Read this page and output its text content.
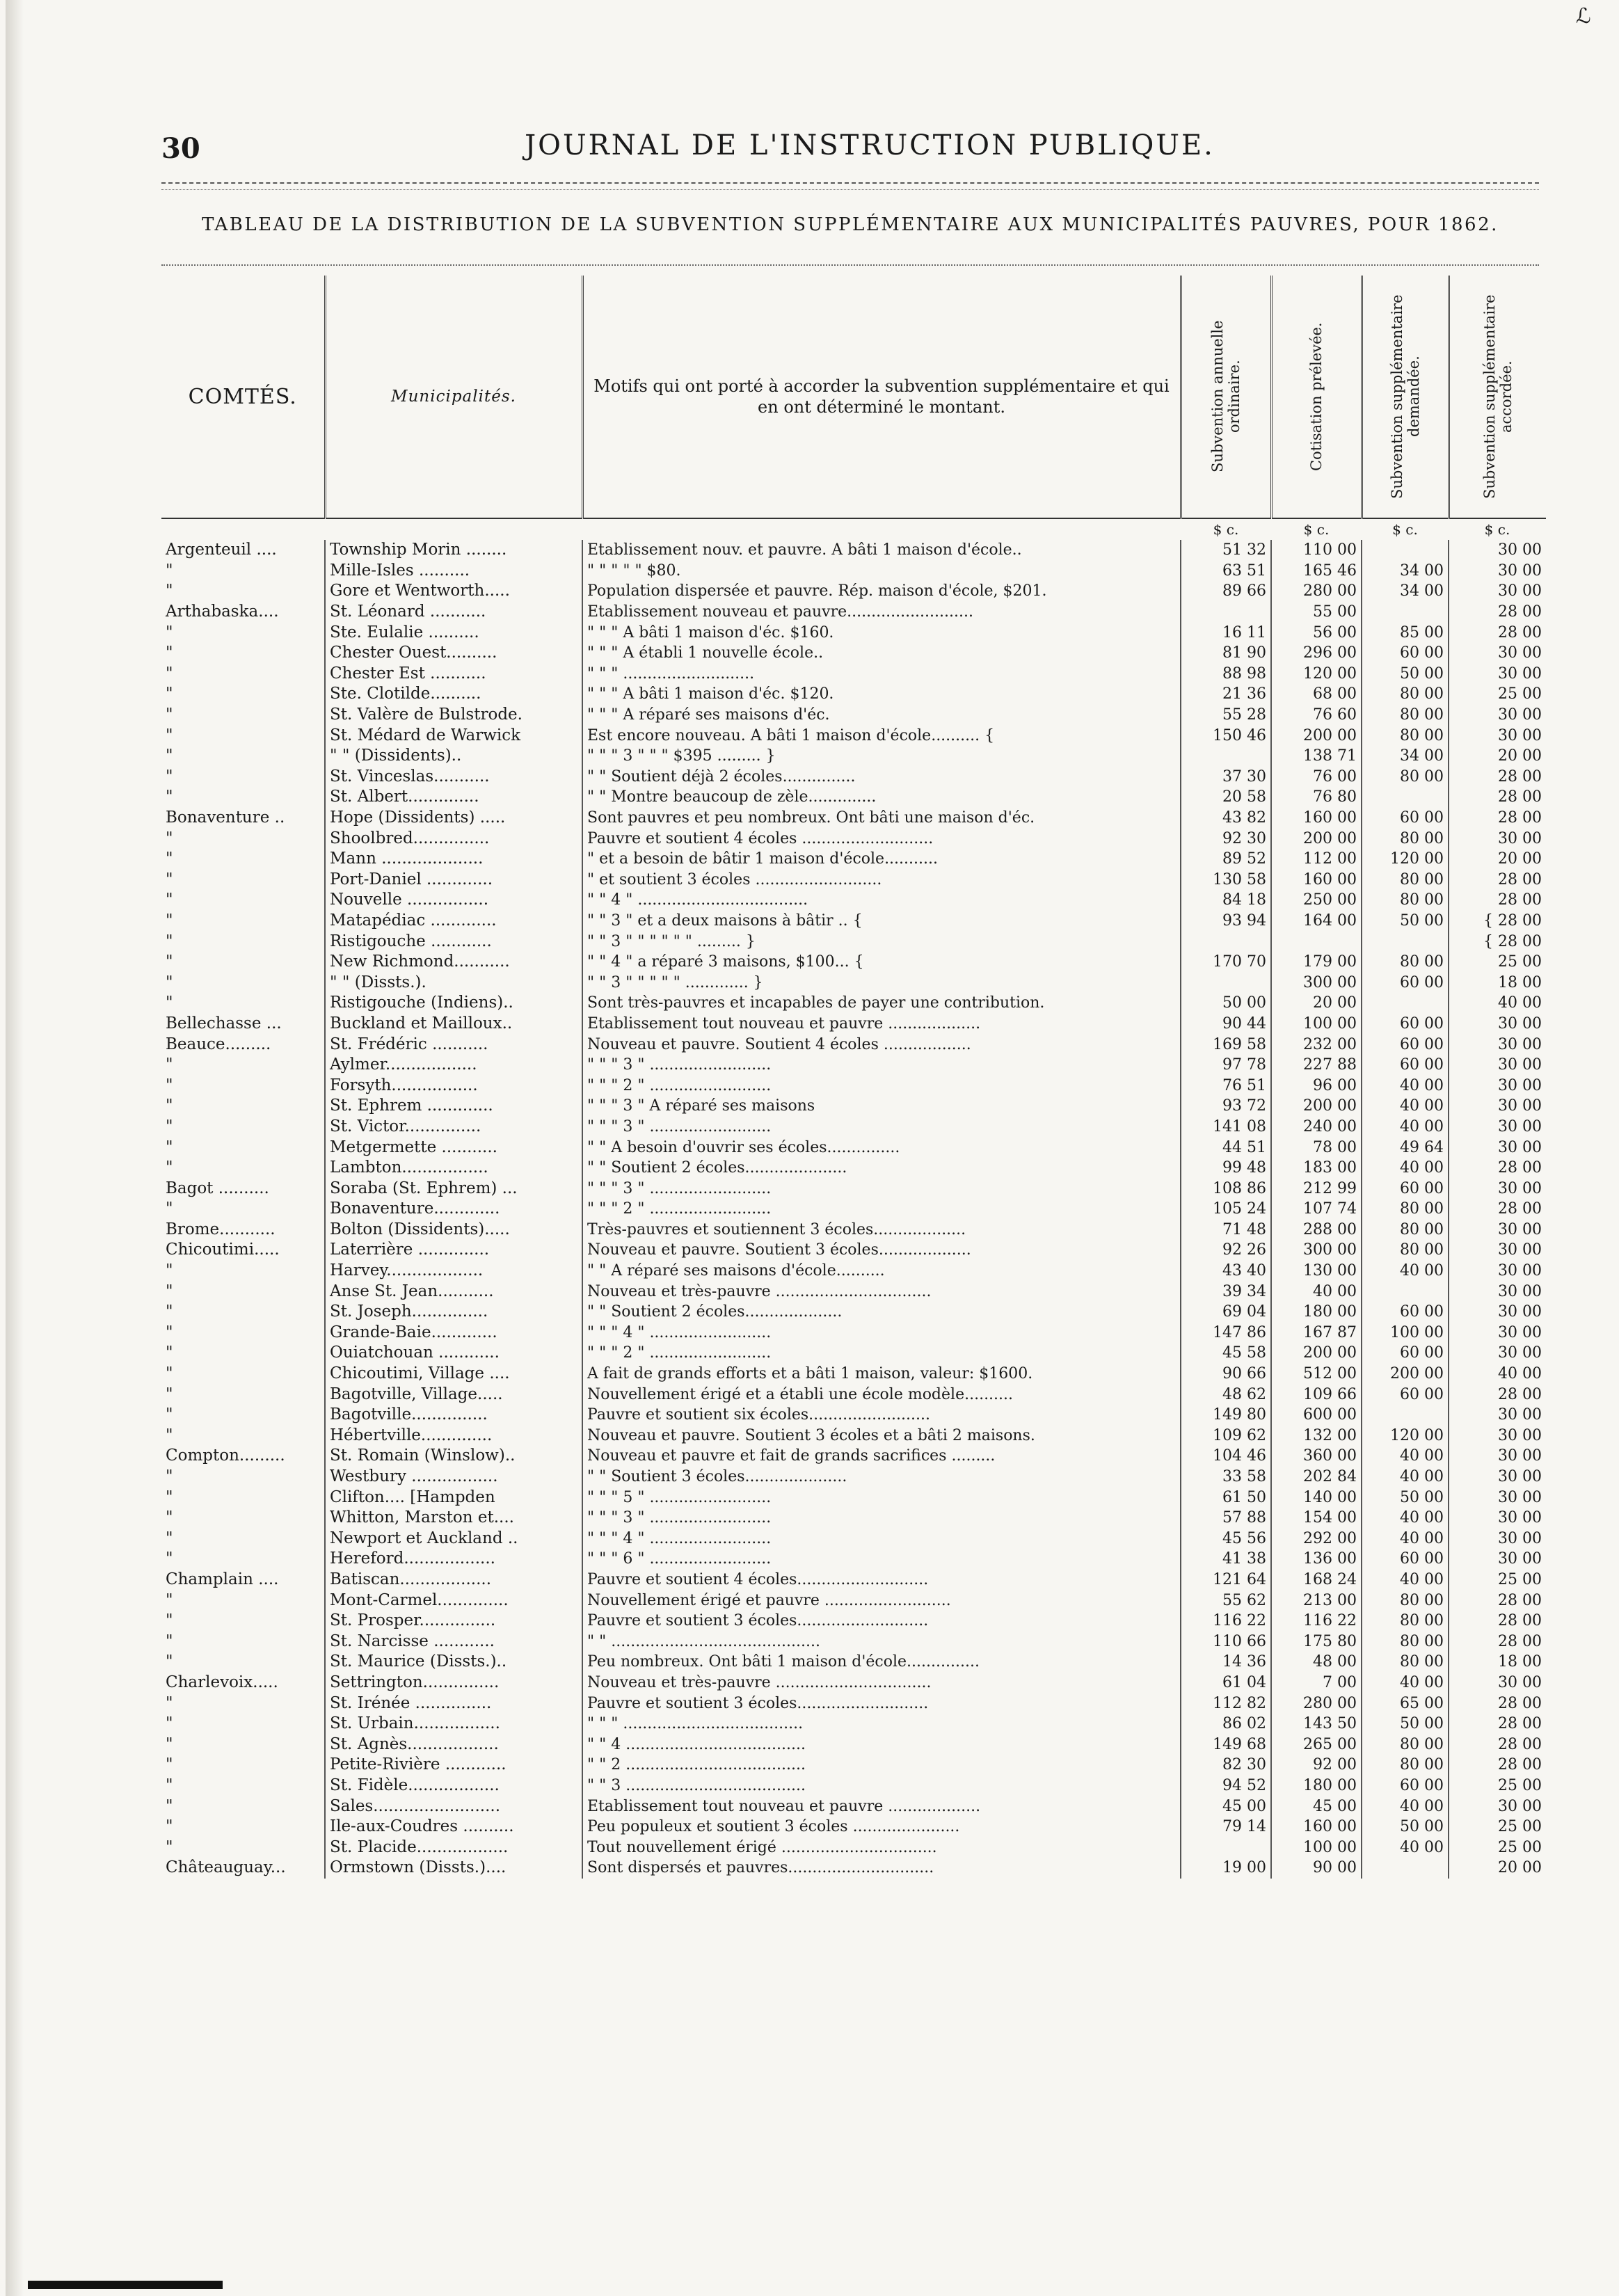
ℒ
30	JOURNAL DE L'INSTRUCTION PUBLIQUE.
TABLEAU DE LA DISTRIBUTION DE LA SUBVENTION SUPPLÉMENTAIRE AUX MUNICIPALITÉS PAUVRES, POUR 1862.
COMTÉS.	Municipalités.	Motifs qui ont porté à accorder la subvention supplémentaire et qui en ont déterminé le montant.	Subvention annuelle ordinaire.	Cotisation prélevée.	Subvention supplémentaire demandée.	Subvention supplémentaire accordée.

			$ c.	$ c.	$ c.	$ c.
Argenteuil ....	Township Morin ........	Etablissement nouv. et pauvre. A bâti 1 maison d'école..	51 32	110 00		30 00
"	Mille-Isles ..........	" " " " " $80.	63 51	165 46	34 00	30 00
"	Gore et Wentworth.....	Population dispersée et pauvre. Rép. maison d'école, $201.	89 66	280 00	34 00	30 00
Arthabaska....	St. Léonard ...........	Etablissement nouveau et pauvre..........................		55 00		28 00
"	Ste. Eulalie ..........	" " " A bâti 1 maison d'éc. $160.	16 11	56 00	85 00	28 00
"	Chester Ouest..........	" " " A établi 1 nouvelle école..	81 90	296 00	60 00	30 00
"	Chester Est ...........	" " " ...........................	88 98	120 00	50 00	30 00
"	Ste. Clotilde..........	" " " A bâti 1 maison d'éc. $120.	21 36	68 00	80 00	25 00
"	St. Valère de Bulstrode.	" " " A réparé ses maisons d'éc.	55 28	76 60	80 00	30 00
"	St. Médard de Warwick	Est encore nouveau. A bâti 1 maison d'école.......... {	150 46	200 00	80 00	30 00
"	" " (Dissidents)..	" " " 3 " " " $395 ......... }		138 71	34 00	20 00
"	St. Vinceslas...........	" " Soutient déjà 2 écoles...............	37 30	76 00	80 00	28 00
"	St. Albert..............	" " Montre beaucoup de zèle..............	20 58	76 80		28 00
Bonaventure ..	Hope (Dissidents) .....	Sont pauvres et peu nombreux. Ont bâti une maison d'éc.	43 82	160 00	60 00	28 00
"	Shoolbred...............	Pauvre et soutient 4 écoles ...........................	92 30	200 00	80 00	30 00
"	Mann ....................	" et a besoin de bâtir 1 maison d'école...........	89 52	112 00	120 00	20 00
"	Port-Daniel .............	" et soutient 3 écoles ..........................	130 58	160 00	80 00	28 00
"	Nouvelle ................	" " 4 " ...................................	84 18	250 00	80 00	28 00
"	Matapédiac .............	" " 3 " et a deux maisons à bâtir .. {	93 94	164 00	50 00	{ 28 00
"	Ristigouche ............	" " 3 " " " " " " ......... }				{ 28 00
"	New Richmond...........	" " 4 " a réparé 3 maisons, $100... {	170 70	179 00	80 00	25 00
"	" " (Dissts.).	" " 3 " " " " " ............. }		300 00	60 00	18 00
"	Ristigouche (Indiens)..	Sont très-pauvres et incapables de payer une contribution.	50 00	20 00		40 00
Bellechasse ...	Buckland et Mailloux..	Etablissement tout nouveau et pauvre ...................	90 44	100 00	60 00	30 00
Beauce.........	St. Frédéric ...........	Nouveau et pauvre. Soutient 4 écoles ..................	169 58	232 00	60 00	30 00
"	Aylmer..................	" " " 3 " .........................	97 78	227 88	60 00	30 00
"	Forsyth.................	" " " 2 " .........................	76 51	96 00	40 00	30 00
"	St. Ephrem .............	" " " 3 " A réparé ses maisons	93 72	200 00	40 00	30 00
"	St. Victor...............	" " " 3 " .........................	141 08	240 00	40 00	30 00
"	Metgermette ...........	" " A besoin d'ouvrir ses écoles...............	44 51	78 00	49 64	30 00
"	Lambton.................	" " Soutient 2 écoles.....................	99 48	183 00	40 00	28 00
Bagot ..........	Soraba (St. Ephrem) ...	" " " 3 " .........................	108 86	212 99	60 00	30 00
"	Bonaventure.............	" " " 2 " .........................	105 24	107 74	80 00	28 00
Brome...........	Bolton (Dissidents).....	Très-pauvres et soutiennent 3 écoles...................	71 48	288 00	80 00	30 00
Chicoutimi.....	Laterrière ..............	Nouveau et pauvre. Soutient 3 écoles...................	92 26	300 00	80 00	30 00
"	Harvey...................	" " A réparé ses maisons d'école..........	43 40	130 00	40 00	30 00
"	Anse St. Jean...........	Nouveau et très-pauvre ................................	39 34	40 00		30 00
"	St. Joseph...............	" " Soutient 2 écoles....................	69 04	180 00	60 00	30 00
"	Grande-Baie.............	" " " 4 " .........................	147 86	167 87	100 00	30 00
"	Ouiatchouan ............	" " " 2 " .........................	45 58	200 00	60 00	30 00
"	Chicoutimi, Village ....	A fait de grands efforts et a bâti 1 maison, valeur: $1600.	90 66	512 00	200 00	40 00
"	Bagotville, Village.....	Nouvellement érigé et a établi une école modèle..........	48 62	109 66	60 00	28 00
"	Bagotville...............	Pauvre et soutient six écoles.........................	149 80	600 00		30 00
"	Hébertville..............	Nouveau et pauvre. Soutient 3 écoles et a bâti 2 maisons.	109 62	132 00	120 00	30 00
Compton.........	St. Romain (Winslow)..	Nouveau et pauvre et fait de grands sacrifices .........	104 46	360 00	40 00	30 00
"	Westbury .................	" " Soutient 3 écoles.....................	33 58	202 84	40 00	30 00
"	Clifton.... [Hampden	" " " 5 " .........................	61 50	140 00	50 00	30 00
"	Whitton, Marston et....	" " " 3 " .........................	57 88	154 00	40 00	30 00
"	Newport et Auckland ..	" " " 4 " .........................	45 56	292 00	40 00	30 00
"	Hereford..................	" " " 6 " .........................	41 38	136 00	60 00	30 00
Champlain ....	Batiscan..................	Pauvre et soutient 4 écoles...........................	121 64	168 24	40 00	25 00
"	Mont-Carmel..............	Nouvellement érigé et pauvre ..........................	55 62	213 00	80 00	28 00
"	St. Prosper...............	Pauvre et soutient 3 écoles...........................	116 22	116 22	80 00	28 00
"	St. Narcisse ............	" " ...........................................	110 66	175 80	80 00	28 00
"	St. Maurice (Dissts.)..	Peu nombreux. Ont bâti 1 maison d'école...............	14 36	48 00	80 00	18 00
Charlevoix.....	Settrington...............	Nouveau et très-pauvre ................................	61 04	7 00	40 00	30 00
"	St. Irénée ...............	Pauvre et soutient 3 écoles...........................	112 82	280 00	65 00	28 00
"	St. Urbain.................	" " " .....................................	86 02	143 50	50 00	28 00
"	St. Agnès..................	" " 4 .....................................	149 68	265 00	80 00	28 00
"	Petite-Rivière ............	" " 2 .....................................	82 30	92 00	80 00	28 00
"	St. Fidèle..................	" " 3 .....................................	94 52	180 00	60 00	25 00
"	Sales.........................	Etablissement tout nouveau et pauvre ...................	45 00	45 00	40 00	30 00
"	Ile-aux-Coudres ..........	Peu populeux et soutient 3 écoles ......................	79 14	160 00	50 00	25 00
"	St. Placide..................	Tout nouvellement érigé ................................		100 00	40 00	25 00
Châteauguay...	Ormstown (Dissts.)....	Sont dispersés et pauvres..............................	19 00	90 00		20 00
